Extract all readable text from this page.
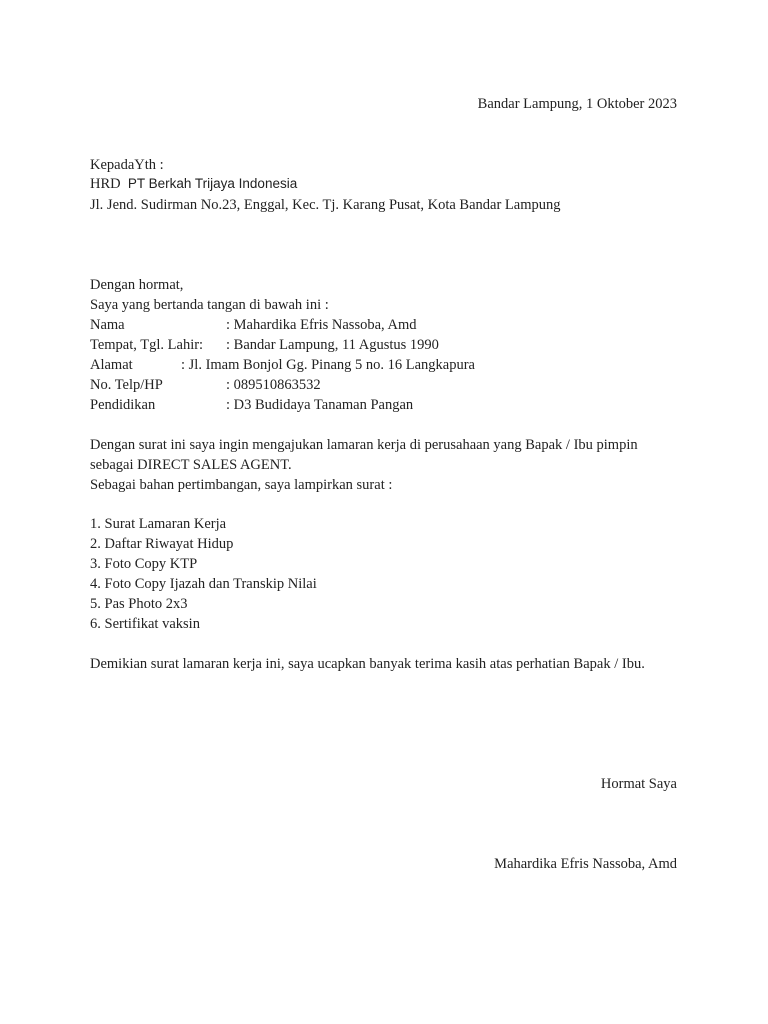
Bandar Lampung, 1 Oktober 2023
KepadaYth :
HRD PT Berkah Trijaya Indonesia
Jl. Jend. Sudirman No.23, Enggal, Kec. Tj. Karang Pusat, Kota Bandar Lampung
Dengan hormat,
Saya yang bertanda tangan di bawah ini :
Nama	: Mahardika Efris Nassoba, Amd
Tempat, Tgl. Lahir: : Bandar Lampung, 11 Agustus 1990
Alamat	: Jl. Imam Bonjol Gg. Pinang 5 no. 16 Langkapura
No. Telp/HP	: 089510863532
Pendidikan	: D3 Budidaya Tanaman Pangan
Dengan surat ini saya ingin mengajukan lamaran kerja di perusahaan yang Bapak / Ibu pimpin
sebagai DIRECT SALES AGENT.
Sebagai bahan pertimbangan, saya lampirkan surat :
1. Surat Lamaran Kerja
2. Daftar Riwayat Hidup
3. Foto Copy KTP
4. Foto Copy Ijazah dan Transkip Nilai
5. Pas Photo 2x3
6. Sertifikat vaksin
Demikian surat lamaran kerja ini, saya ucapkan banyak terima kasih atas perhatian Bapak / Ibu.
Hormat Saya
Mahardika Efris Nassoba, Amd
